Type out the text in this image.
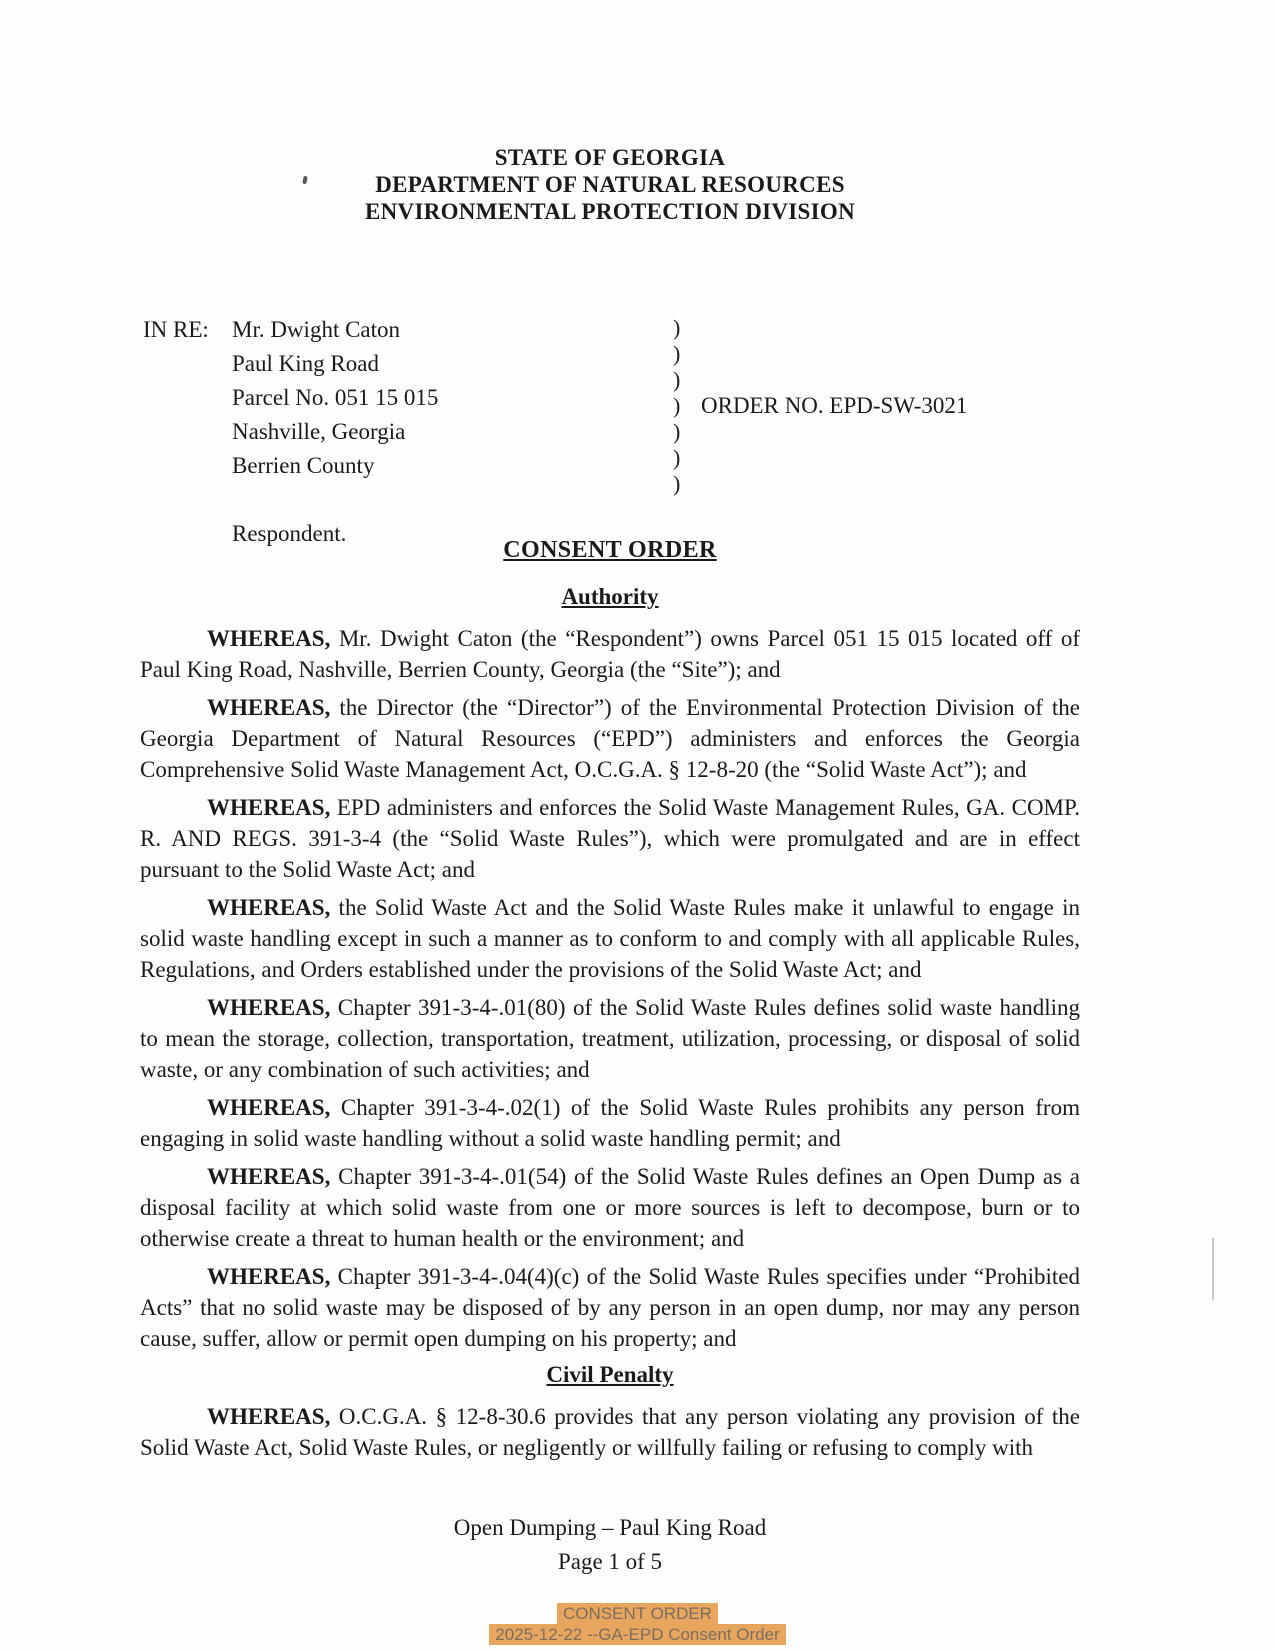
STATE OF GEORGIA
DEPARTMENT OF NATURAL RESOURCES
ENVIRONMENTAL PROTECTION DIVISION
IN RE:	Mr. Dwight Caton
Paul King Road
Parcel No. 051 15 015
Nashville, Georgia
Berrien County
Respondent.
)
)
)
)
)
)
)
ORDER NO. EPD-SW-3021
CONSENT ORDER
Authority

WHEREAS, Mr. Dwight Caton (the “Respondent”) owns Parcel 051 15 015 located off of Paul King Road, Nashville, Berrien County, Georgia (the “Site”); and

WHEREAS, the Director (the “Director”) of the Environmental Protection Division of the Georgia Department of Natural Resources (“EPD”) administers and enforces the Georgia Comprehensive Solid Waste Management Act, O.C.G.A. § 12-8-20 (the “Solid Waste Act”); and

WHEREAS, EPD administers and enforces the Solid Waste Management Rules, GA. COMP. R. AND REGS. 391-3-4 (the “Solid Waste Rules”), which were promulgated and are in effect pursuant to the Solid Waste Act; and

WHEREAS, the Solid Waste Act and the Solid Waste Rules make it unlawful to engage in solid waste handling except in such a manner as to conform to and comply with all applicable Rules, Regulations, and Orders established under the provisions of the Solid Waste Act; and

WHEREAS, Chapter 391-3-4-.01(80) of the Solid Waste Rules defines solid waste handling to mean the storage, collection, transportation, treatment, utilization, processing, or disposal of solid waste, or any combination of such activities; and

WHEREAS, Chapter 391-3-4-.02(1) of the Solid Waste Rules prohibits any person from engaging in solid waste handling without a solid waste handling permit; and

WHEREAS, Chapter 391-3-4-.01(54) of the Solid Waste Rules defines an Open Dump as a disposal facility at which solid waste from one or more sources is left to decompose, burn or to otherwise create a threat to human health or the environment; and

WHEREAS, Chapter 391-3-4-.04(4)(c) of the Solid Waste Rules specifies under “Prohibited Acts” that no solid waste may be disposed of by any person in an open dump, nor may any person cause, suffer, allow or permit open dumping on his property; and

Civil Penalty

WHEREAS, O.C.G.A. § 12-8-30.6 provides that any person violating any provision of the Solid Waste Act, Solid Waste Rules, or negligently or willfully failing or refusing to comply with

Open Dumping – Paul King Road
Page 1 of 5
CONSENT ORDER
2025-12-22 --GA-EPD Consent Order
